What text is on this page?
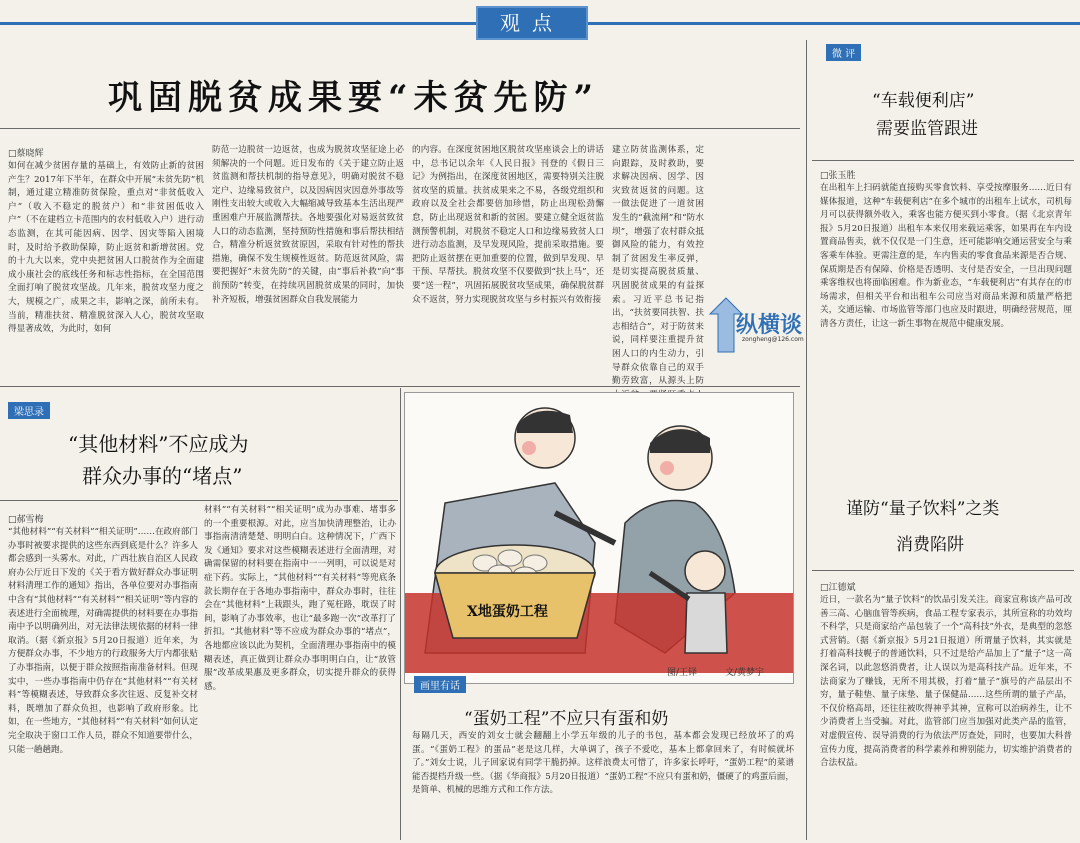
观点
巩固脱贫成果要“未贫先防”
□蔡晓辉
如何在减少贫困存量的基础上，有效防止新的贫困产生？2017年下半年，在群众中开展“未贫先防”机制，通过建立精准防贫保险，重点对“非贫低收入户”（收入不稳定的脱贫户）和“非贫困低收入户”（不在建档立卡范围内的农村低收入户）进行动态监测，在其可能因病、因学、因灾等陷入困境时，及时给予救助保障，防止返贫和新增贫困。党的十九大以来，党中央把贫困人口脱贫作为全面建成小康社会的底线任务和标志性指标，在全国范围全面打响了脱贫攻坚战。几年来，脱贫攻坚力度之大，规模之广，成果之丰，影响之深，前所未有。当前，精准扶贫、精准脱贫深入人心，脱贫攻坚取得显著成效，为此时，如何
防范一边脱贫一边返贫，也成为脱贫攻坚征途上必须解决的一个问题。近日发布的《关于建立防止返贫监测和帮扶机制的指导意见》，明确对脱贫不稳定户、边缘易致贫户，以及因病因灾因意外事故等刚性支出较大或收入大幅缩减导致基本生活出现严重困难户开展监测帮扶。各地要强化对易返贫致贫人口的动态监测，坚持预防性措施和事后帮扶相结合，精准分析返贫致贫原因，采取有针对性的帮扶措施，确保不发生规模性返贫。防范返贫风险，需要把握好“未贫先防”的关键，由“事后补救”向“事前预防”转变，在持续巩固脱贫成果的同时，加快补齐短板，增强贫困群众自我发展能力
的内容。在深度贫困地区脱贫攻坚座谈会上的讲话中，总书记以余年《人民日报》刊登的《假日三记》为例指出，在深度贫困地区，需要特别关注脱贫攻坚的质量。扶贫成果来之不易，各级党组织和政府以及全社会都要倍加珍惜，防止出现松劲懈怠，防止出现返贫和新的贫困。要建立健全返贫监测预警机制，对脱贫不稳定人口和边缘易致贫人口进行动态监测，及早发现风险，提前采取措施。要把防止返贫摆在更加重要的位置，做到早发现、早干预、早帮扶。脱贫攻坚不仅要做到“扶上马”，还要“送一程”，巩固拓展脱贫攻坚成果，确保脱贫群众不返贫，努力实现脱贫攻坚与乡村振兴有效衔接
建立防贫监测体系，定向跟踪，及时救助，要求解决因病、因学、因灾致贫返贫的问题。这一做法促进了一道贫困发生的“截流闸”和“防水坝”，增强了农村群众抵御风险的能力，有效控制了贫困发生率反弹，是切实提高脱贫质量、巩固脱贫成果的有益探索。习近平总书记指出，“扶贫要同扶智、扶志相结合”，对于防贫来说，同样要注重提升贫困人口的内生动力，引导群众依靠自己的双手勤劳致富，从源头上防
纵横谈
zongheng@126.com
微 评
“车载便利店”
需要监管跟进
□张玉胜
在出租车上扫码就能直接购买零食饮料、享受按摩服务……近日有媒体报道，这种“车载便利店”在多个城市的出租车上试水，司机每月可以获得额外收入，乘客也能方便买到小零食。（据《北京青年报》5月20日报道）出租车本来仅用来载运乘客，如果再在车内设置商品售卖，就不仅仅是一门生意，还可能影响交通运营安全与乘客乘车体验。更需注意的是，车内售卖的零食食品来源是否合规、保质期是否有保障、价格是否透明、支付是否安全，一旦出现问题乘客维权也将面临困难。作为新业态，“车载便利店”有其存在的市场需求，但相关平台和出租车公司应当对商品来源和质量严格把关，交通运输、市场监管等部门也应及时跟进，明确经营规范，厘清各方责任，让这一新生事物在规范中健康发展。
谨防“量子饮料”之类
消费陷阱
□江德斌
近日，一款名为“量子饮料”的饮品引发关注。商家宣称该产品可改善三高、心脑血管等疾病，食品工程专家表示，其所宣称的功效均不科学，只是商家给产品包装了一个“高科技”外衣，是典型的忽悠式营销。（据《新京报》5月21日报道）所谓量子饮料，其实就是打着高科技幌子的普通饮料，只不过是给产品加上了“量子”这一高深名词，以此忽悠消费者，让人误以为是高科技产品。近年来，不法商家为了赚钱，无所不用其极，打着“量子”旗号的产品层出不穷，量子鞋垫、量子床垫、量子保健品……这些所谓的量子产品，不仅价格高昂，还往往被吹得神乎其神，宣称可以治病养生，让不少消费者上当受骗。对此，监管部门应当加强对此类产品的监管，对虚假宣传、误导消费的行为依法严厉查处，同时，也要加大科普宣传力度，提高消费者的科学素养和辨别能力，切实维护消费者的合法权益。
梁思录
“其他材料”不应成为
群众办事的“堵点”
□郝雪梅
“其他材料”“有关材料”“相关证明”……在政府部门办事时被要求提供的这些东西到底是什么？许多人都会感到一头雾水。对此，广西壮族自治区人民政府办公厅近日下发的《关于看方做好群众办事证明材料清理工作的通知》指出，各单位要对办事指南中含有“其他材料”“有关材料”“相关证明”等内容的表述进行全面梳理，对确需提供的材料要在办事指南中予以明确列出，对无法律法规依据的材料一律取消。（据《新京报》5月20日报道）近年来，为方便群众办事，不少地方的行政服务大厅内都张贴了办事指南，以便于群众按照指南准备材料。但现实中，一些办事指南中仍存在“其他材料”“有关材料”等模糊表述，导致群众多次往返、反复补交材料，既增加了群众负担，也影响了政府形象。比如，在一些地方，“其他材料”“有关材料”如何认定完全取决于窗口工作人员，群众不知道要带什么，只能一趟趟跑。
材料”“有关材料”“相关证明”成为办事难、堵事多的一个重要根源。对此，应当加快清理整治，让办事指南清清楚楚、明明白白。这种情况下，广西下发《通知》要求对这些模糊表述进行全面清理，对确需保留的材料要在指南中一一列明，可以说是对症下药。实际上，“其他材料”“有关材料”等兜底条款长期存在于各地办事指南中，群众办事时，往往会在“其他材料”上栽跟头，跑了冤枉路，耽误了时间，影响了办事效率，也让“最多跑一次”改革打了折扣。“其他材料”等不应成为群众办事的“堵点”，各地都应该以此为契机，全面清理办事指南中的模糊表述，真正做到让群众办事明明白白，让“放管服”改革成果惠及更多群众，切实提升群众的获得感。
X地蛋奶工程
图/王铎	文/黄梦宇
画里有话
“蛋奶工程”不应只有蛋和奶
每隔几天，西安的刘女士就会翻翻上小学五年级的儿子的书包，基本都会发现已经放坏了的鸡蛋。“《蛋奶工程》的蛋品”老是这几样，大单调了，孩子不爱吃，基本上都拿回来了，有时候就坏了。”刘女士说，儿子回家说有同学干脆扔掉。这样浪费太可惜了，许多家长呼吁，“蛋奶工程”的菜谱能否提档升级一些。（据《华商报》5月20日报道）“蛋奶工程”不应只有蛋和奶，僵硬了的鸡蛋后面，是简单、机械的思维方式和工作方法。
